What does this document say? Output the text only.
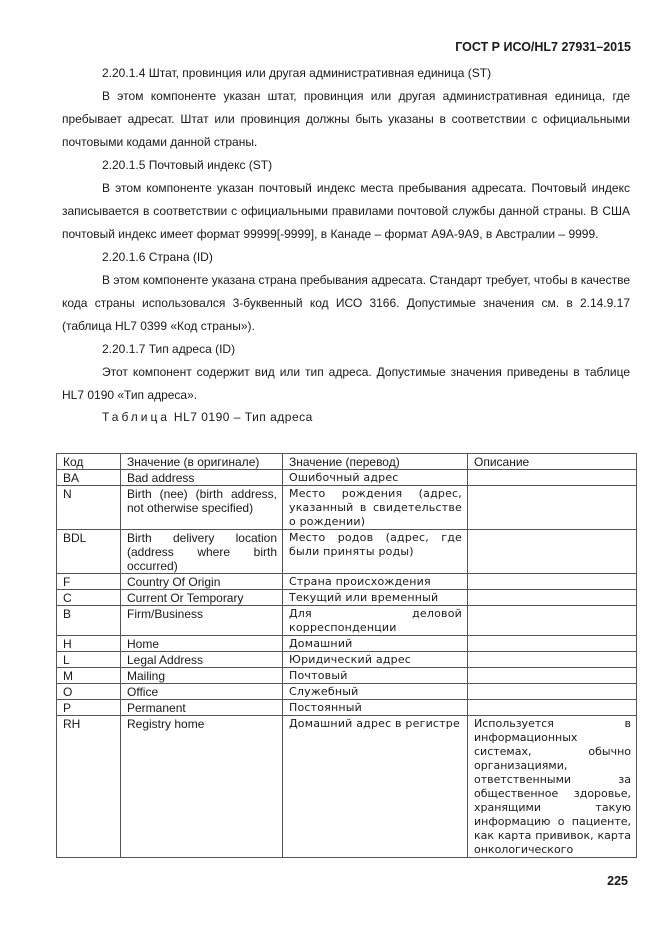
ГОСТ Р ИСО/HL7 27931–2015

2.20.1.4 Штат, провинция или другая административная единица (ST)

В этом компоненте указан штат, провинция или другая административная единица, где пребывает адресат. Штат или провинция должны быть указаны в соответствии с официальными почтовыми кодами данной страны.

2.20.1.5 Почтовый индекс (ST)

В этом компоненте указан почтовый индекс места пребывания адресата. Почтовый индекс записывается в соответствии с официальными правилами почтовой службы данной страны. В США почтовый индекс имеет формат 99999[-9999], в Канаде – формат A9A-9A9, в Австралии – 9999.

2.20.1.6 Страна (ID)

В этом компоненте указана страна пребывания адресата. Стандарт требует, чтобы в качестве кода страны использовался 3-буквенный код ИСО 3166. Допустимые значения см. в 2.14.9.17 (таблица HL7 0399 «Код страны»).

2.20.1.7 Тип адреса (ID)

Этот компонент содержит вид или тип адреса. Допустимые значения приведены в таблице HL7 0190 «Тип адреса».

Таблица HL7 0190 – Тип адреса
Код	Значение (в оригинале)	Значение (перевод)	Описание
BA	Bad address	Ошибочный адрес	
N	Birth (nee) (birth address, not otherwise specified)	Место рождения (адрес, указанный в свидетельстве о рождении)	
BDL	Birth delivery location (address where birth occurred)	Место родов (адрес, где были приняты роды)	
F	Country Of Origin	Страна происхождения	
C	Current Or Temporary	Текущий или временный	
B	Firm/Business	Для деловой корреспонденции	
H	Home	Домашний	
L	Legal Address	Юридический адрес	
M	Mailing	Почтовый	
O	Office	Служебный	
P	Permanent	Постоянный	
RH	Registry home	Домашний адрес в регистре	Используется в информационных системах, обычно организациями, ответственными за общественное здоровье, хранящими такую информацию о пациенте, как карта прививок, карта онкологического
225
